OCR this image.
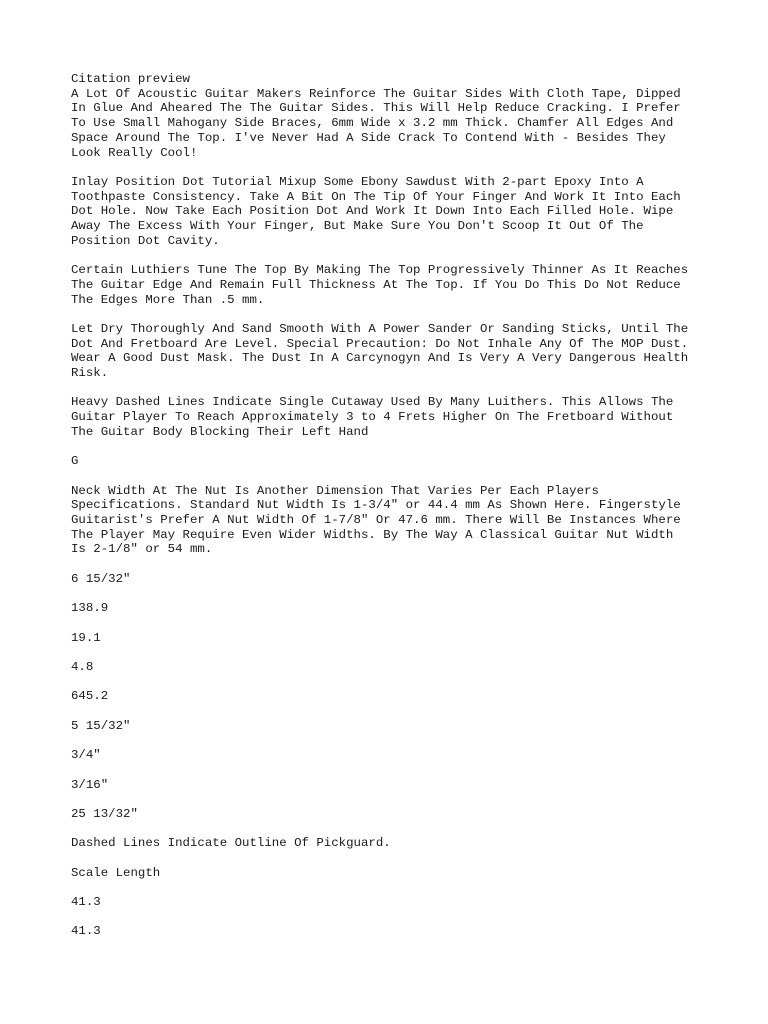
Citation preview

A Lot Of Acoustic Guitar Makers Reinforce The Guitar Sides With Cloth Tape, Dipped
In Glue And Aheared The The Guitar Sides. This Will Help Reduce Cracking. I Prefer
To Use Small Mahogany Side Braces, 6mm Wide x 3.2 mm Thick. Chamfer All Edges And
Space Around The Top. I've Never Had A Side Crack To Contend With - Besides They
Look Really Cool!

Inlay Position Dot Tutorial Mixup Some Ebony Sawdust With 2-part Epoxy Into A
Toothpaste Consistency. Take A Bit On The Tip Of Your Finger And Work It Into Each
Dot Hole. Now Take Each Position Dot And Work It Down Into Each Filled Hole. Wipe
Away The Excess With Your Finger, But Make Sure You Don't Scoop It Out Of The
Position Dot Cavity.

Certain Luthiers Tune The Top By Making The Top Progressively Thinner As It Reaches
The Guitar Edge And Remain Full Thickness At The Top. If You Do This Do Not Reduce
The Edges More Than .5 mm.

Let Dry Thoroughly And Sand Smooth With A Power Sander Or Sanding Sticks, Until The
Dot And Fretboard Are Level. Special Precaution: Do Not Inhale Any Of The MOP Dust.
Wear A Good Dust Mask. The Dust In A Carcynogyn And Is Very A Very Dangerous Health
Risk.

Heavy Dashed Lines Indicate Single Cutaway Used By Many Luithers. This Allows The
Guitar Player To Reach Approximately 3 to 4 Frets Higher On The Fretboard Without
The Guitar Body Blocking Their Left Hand

G

Neck Width At The Nut Is Another Dimension That Varies Per Each Players
Specifications. Standard Nut Width Is 1-3/4" or 44.4 mm As Shown Here. Fingerstyle
Guitarist's Prefer A Nut Width Of 1-7/8" Or 47.6 mm. There Will Be Instances Where
The Player May Require Even Wider Widths. By The Way A Classical Guitar Nut Width
Is 2-1/8" or 54 mm.

6 15/32"

138.9

19.1

4.8

645.2

5 15/32"

3/4"

3/16"

25 13/32"

Dashed Lines Indicate Outline Of Pickguard.

Scale Length

41.3

41.3
